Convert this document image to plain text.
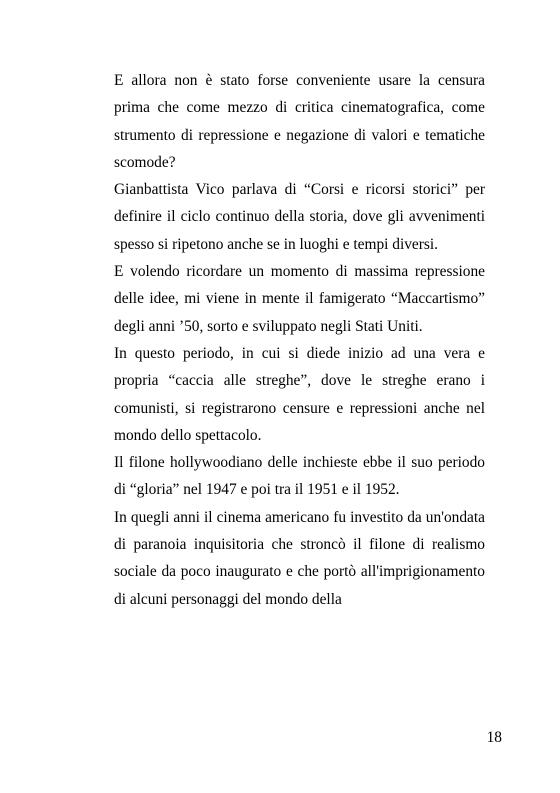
E allora non è stato forse conveniente usare la censura prima che come mezzo di critica cinematografica, come strumento di repressione e negazione di valori e tematiche scomode?

Gianbattista Vico parlava di “Corsi e ricorsi storici” per definire il ciclo continuo della storia, dove gli avvenimenti spesso si ripetono anche se in luoghi e tempi diversi.

E volendo ricordare un momento di massima repressione delle idee, mi viene in mente il famigerato “Maccartismo” degli anni ’50, sorto e sviluppato negli Stati Uniti.

In questo periodo, in cui si diede inizio ad una vera e propria “caccia alle streghe”, dove le streghe erano i comunisti, si registrarono censure e repressioni anche nel mondo dello spettacolo.

Il filone hollywoodiano delle inchieste ebbe il suo periodo di “gloria” nel 1947 e poi tra il 1951 e il 1952.

In quegli anni il cinema americano fu investito da un'ondata di paranoia inquisitoria che stroncò il filone di realismo sociale da poco inaugurato e che portò all'imprigionamento di alcuni personaggi del mondo della

18
